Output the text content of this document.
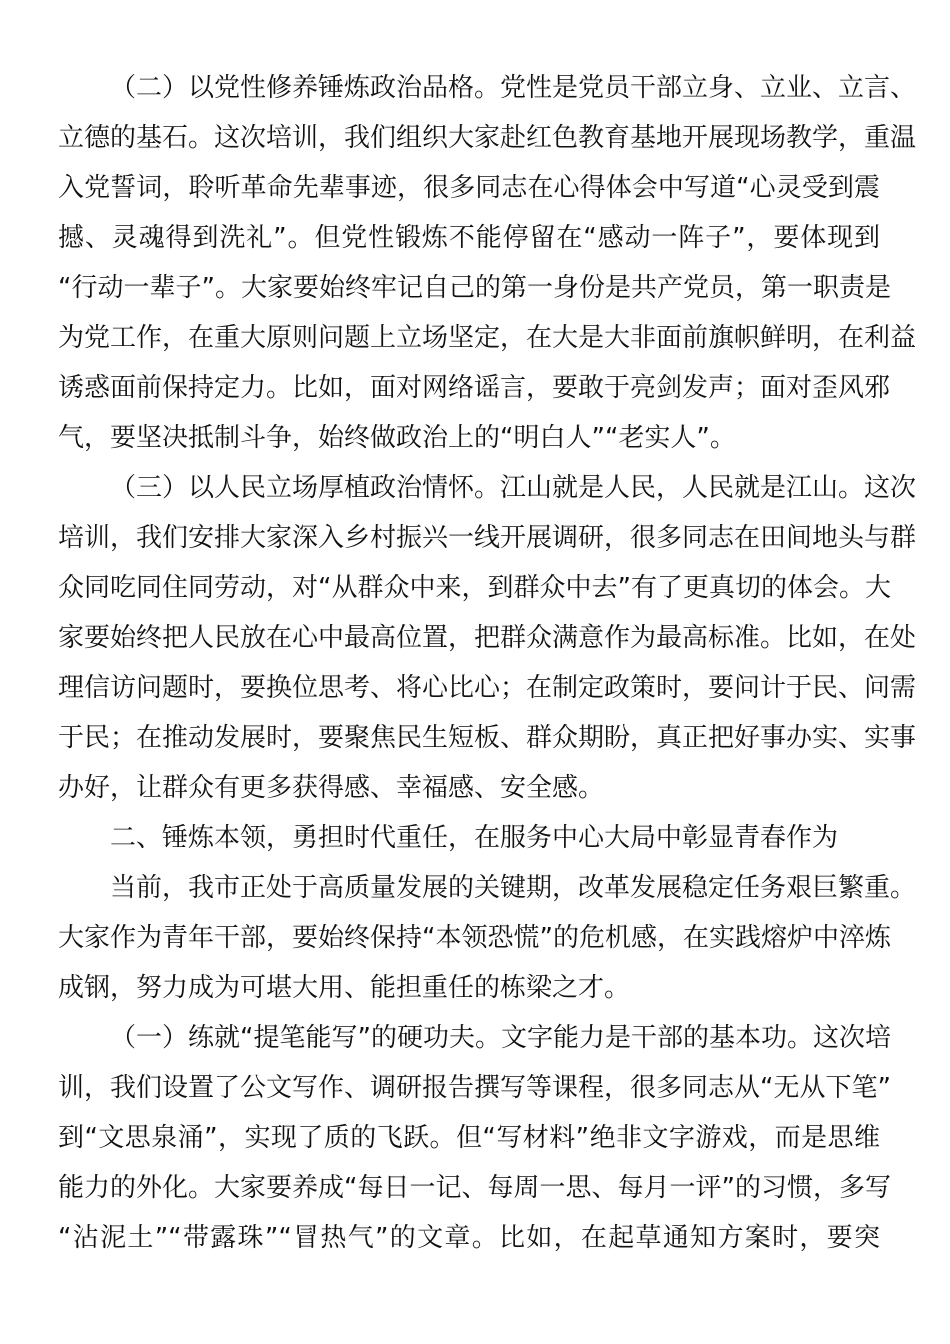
（二）以党性修养锤炼政治品格。党性是党员干部立身、立业、立言、
立德的基石。这次培训，我们组织大家赴红色教育基地开展现场教学，重温
入党誓词，聆听革命先辈事迹，很多同志在心得体会中写道“心灵受到震
撼、灵魂得到洗礼”。但党性锻炼不能停留在“感动一阵子”，要体现到
“行动一辈子”。大家要始终牢记自己的第一身份是共产党员，第一职责是
为党工作，在重大原则问题上立场坚定，在大是大非面前旗帜鲜明，在利益
诱惑面前保持定力。比如，面对网络谣言，要敢于亮剑发声；面对歪风邪
气，要坚决抵制斗争，始终做政治上的“明白人”“老实人”。
（三）以人民立场厚植政治情怀。江山就是人民，人民就是江山。这次
培训，我们安排大家深入乡村振兴一线开展调研，很多同志在田间地头与群
众同吃同住同劳动，对“从群众中来，到群众中去”有了更真切的体会。大
家要始终把人民放在心中最高位置，把群众满意作为最高标准。比如，在处
理信访问题时，要换位思考、将心比心；在制定政策时，要问计于民、问需
于民；在推动发展时，要聚焦民生短板、群众期盼，真正把好事办实、实事
办好，让群众有更多获得感、幸福感、安全感。
二、锤炼本领，勇担时代重任，在服务中心大局中彰显青春作为
当前，我市正处于高质量发展的关键期，改革发展稳定任务艰巨繁重。
大家作为青年干部，要始终保持“本领恐慌”的危机感，在实践熔炉中淬炼
成钢，努力成为可堪大用、能担重任的栋梁之才。
（一）练就“提笔能写”的硬功夫。文字能力是干部的基本功。这次培
训，我们设置了公文写作、调研报告撰写等课程，很多同志从“无从下笔”
到“文思泉涌”，实现了质的飞跃。但“写材料”绝非文字游戏，而是思维
能力的外化。大家要养成“每日一记、每周一思、每月一评”的习惯，多写
“沾泥土”“带露珠”“冒热气”的文章。比如，在起草通知方案时，要突
